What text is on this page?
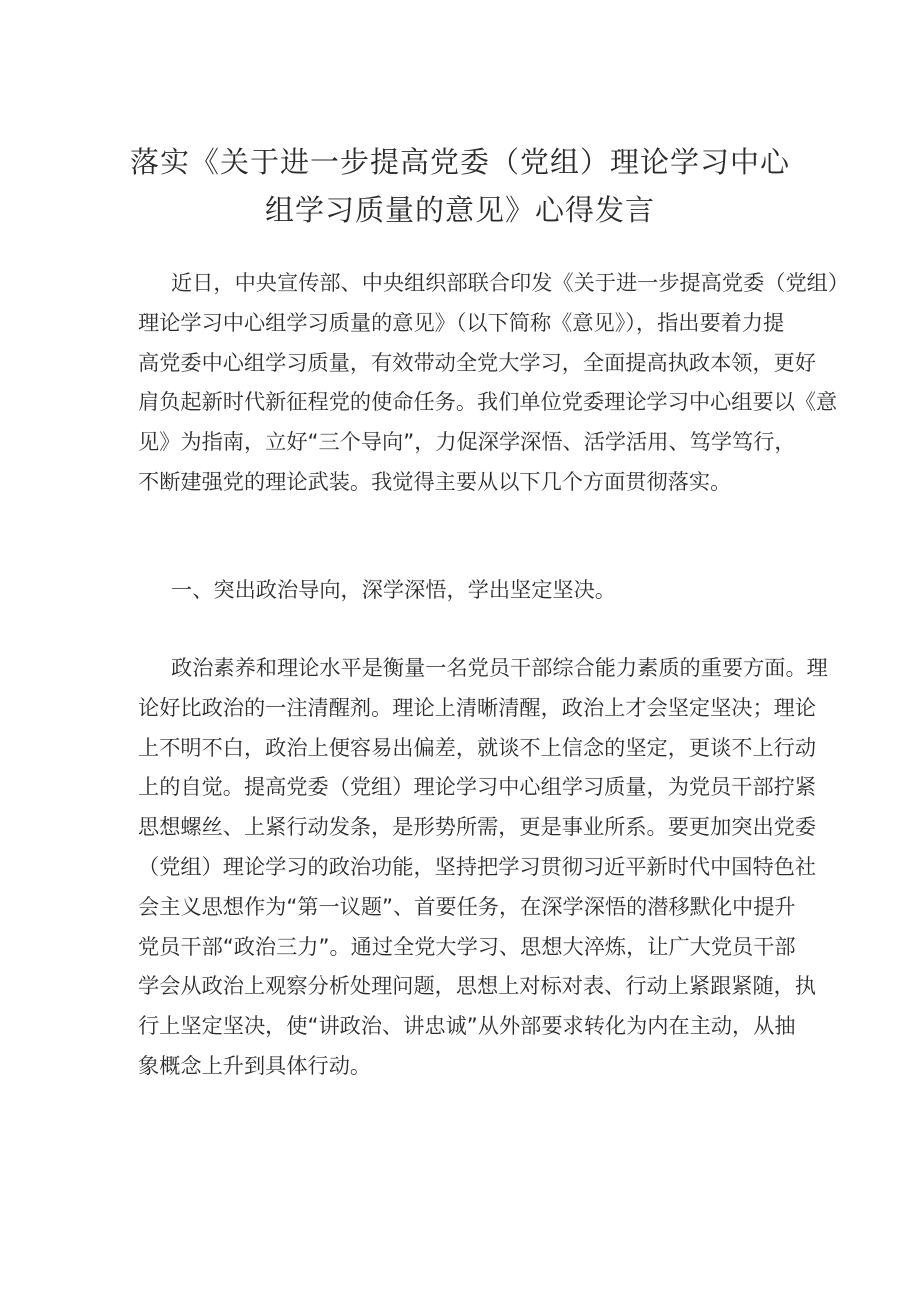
落实《关于进一步提高党委（党组）理论学习中心
组学习质量的意见》心得发言
近日，中央宣传部、中央组织部联合印发《关于进一步提高党委（党组）
理论学习中心组学习质量的意见》（以下简称《意见》），指出要着力提
高党委中心组学习质量，有效带动全党大学习，全面提高执政本领，更好
肩负起新时代新征程党的使命任务。我们单位党委理论学习中心组要以《意
见》为指南，立好“三个导向”，力促深学深悟、活学活用、笃学笃行，
不断建强党的理论武装。我觉得主要从以下几个方面贯彻落实。
一、突出政治导向，深学深悟，学出坚定坚决。
政治素养和理论水平是衡量一名党员干部综合能力素质的重要方面。理
论好比政治的一注清醒剂。理论上清晰清醒，政治上才会坚定坚决；理论
上不明不白，政治上便容易出偏差，就谈不上信念的坚定，更谈不上行动
上的自觉。提高党委（党组）理论学习中心组学习质量，为党员干部拧紧
思想螺丝、上紧行动发条，是形势所需，更是事业所系。要更加突出党委
（党组）理论学习的政治功能，坚持把学习贯彻习近平新时代中国特色社
会主义思想作为“第一议题”、首要任务，在深学深悟的潜移默化中提升
党员干部“政治三力”。通过全党大学习、思想大淬炼，让广大党员干部
学会从政治上观察分析处理问题，思想上对标对表、行动上紧跟紧随，执
行上坚定坚决，使“讲政治、讲忠诚”从外部要求转化为内在主动，从抽
象概念上升到具体行动。
